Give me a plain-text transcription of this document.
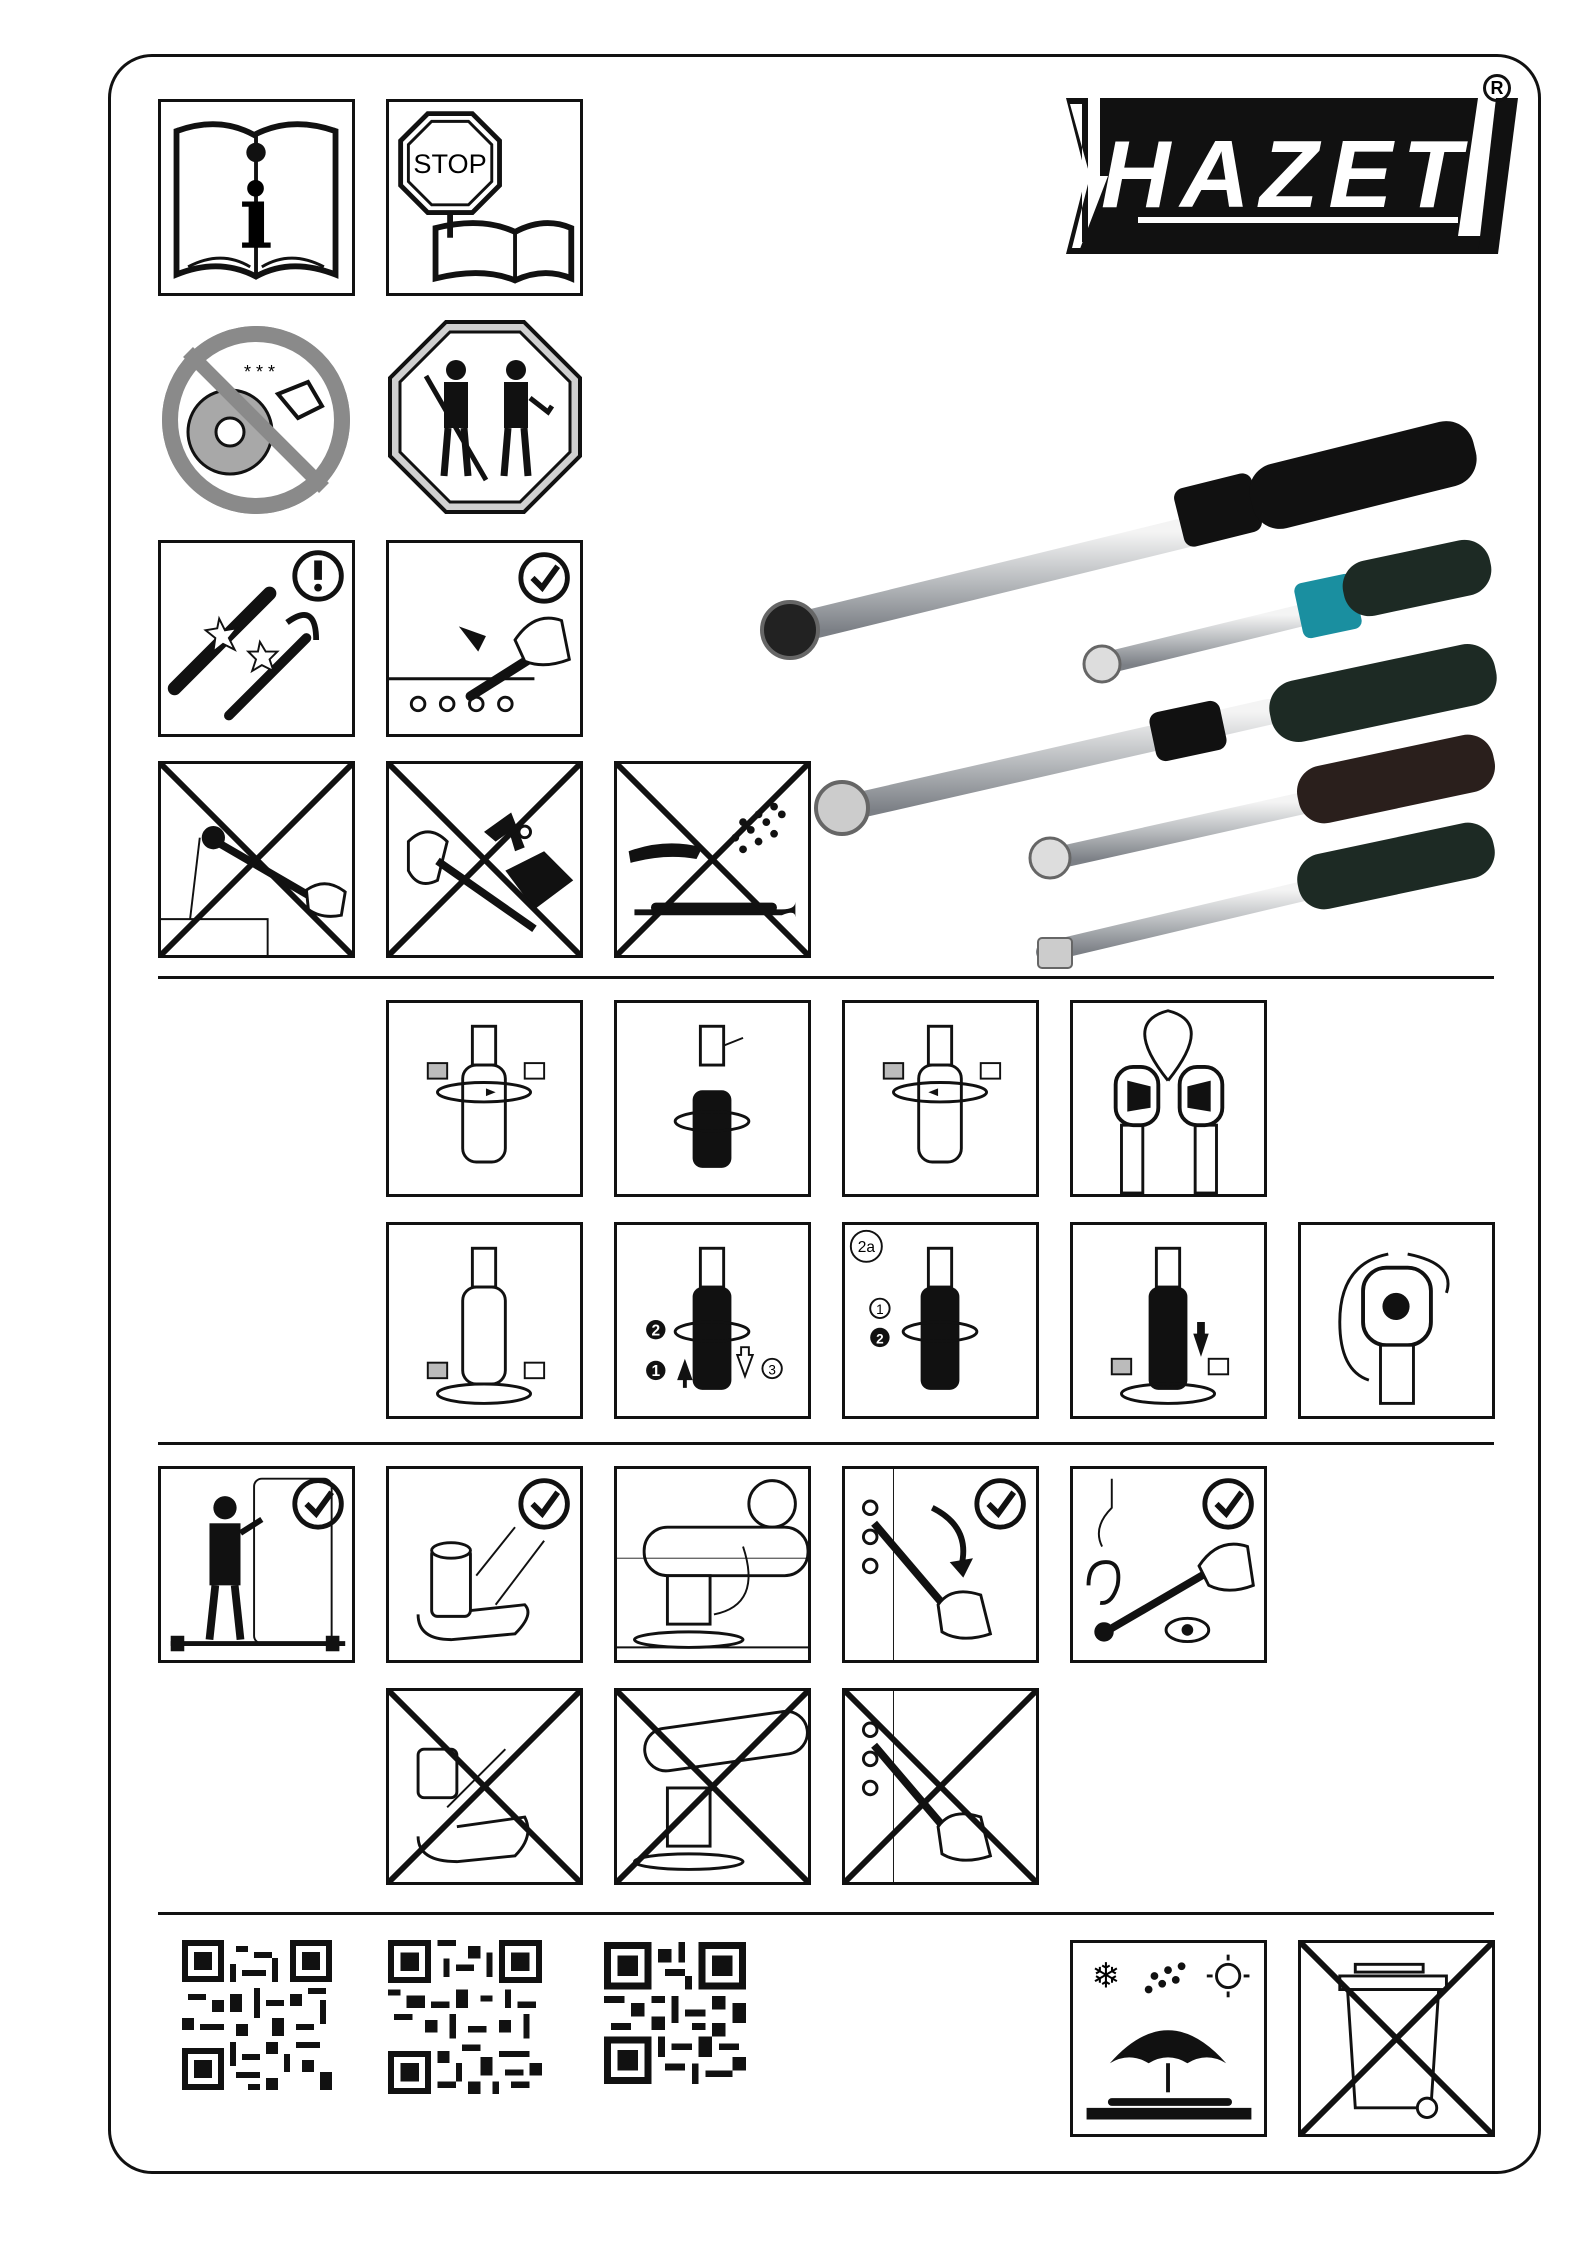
HAZET
R
i
STOP
* * *
2
1	3
2a
1
2
❄
